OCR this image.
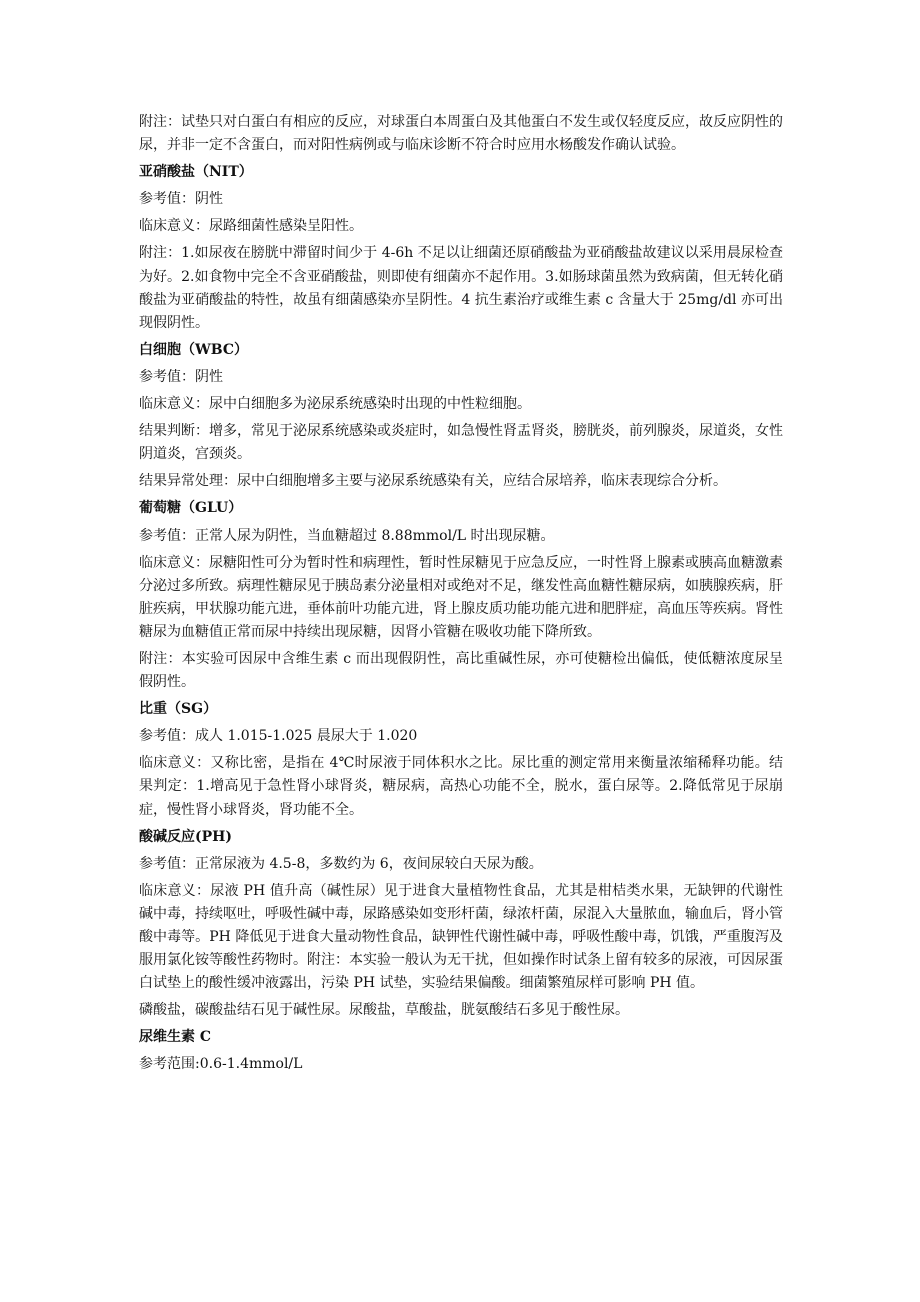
附注：试垫只对白蛋白有相应的反应，对球蛋白本周蛋白及其他蛋白不发生或仅轻度反应，故反应阴性的尿，并非一定不含蛋白，而对阳性病例或与临床诊断不符合时应用水杨酸发作确认试验。

亚硝酸盐（NIT）

参考值：阴性

临床意义：尿路细菌性感染呈阳性。

附注：1.如尿夜在膀胱中滞留时间少于 4-6h 不足以让细菌还原硝酸盐为亚硝酸盐故建议以采用晨尿检查为好。2.如食物中完全不含亚硝酸盐，则即使有细菌亦不起作用。3.如肠球菌虽然为致病菌，但无转化硝酸盐为亚硝酸盐的特性，故虽有细菌感染亦呈阴性。4 抗生素治疗或维生素 c 含量大于 25mg/dl 亦可出现假阴性。

白细胞（WBC）

参考值：阴性

临床意义：尿中白细胞多为泌尿系统感染时出现的中性粒细胞。

结果判断：增多，常见于泌尿系统感染或炎症时，如急慢性肾盂肾炎，膀胱炎，前列腺炎，尿道炎，女性阴道炎，宫颈炎。

结果异常处理：尿中白细胞增多主要与泌尿系统感染有关，应结合尿培养，临床表现综合分析。

葡萄糖（GLU）

参考值：正常人尿为阴性，当血糖超过 8.88mmol/L 时出现尿糖。

临床意义：尿糖阳性可分为暂时性和病理性，暂时性尿糖见于应急反应，一时性肾上腺素或胰高血糖激素分泌过多所致。病理性糖尿见于胰岛素分泌量相对或绝对不足，继发性高血糖性糖尿病，如胰腺疾病，肝脏疾病，甲状腺功能亢进，垂体前叶功能亢进，肾上腺皮质功能功能亢进和肥胖症，高血压等疾病。肾性糖尿为血糖值正常而尿中持续出现尿糖，因肾小管糖在吸收功能下降所致。

附注：本实验可因尿中含维生素 c 而出现假阴性，高比重碱性尿，亦可使糖检出偏低，使低糖浓度尿呈假阴性。

比重（SG）

参考值：成人 1.015-1.025 晨尿大于 1.020

临床意义：又称比密，是指在 4℃时尿液于同体积水之比。尿比重的测定常用来衡量浓缩稀释功能。结果判定：1.增高见于急性肾小球肾炎，糖尿病，高热心功能不全，脱水，蛋白尿等。2.降低常见于尿崩症，慢性肾小球肾炎，肾功能不全。

酸碱反应(PH)

参考值：正常尿液为 4.5-8，多数约为 6，夜间尿较白天尿为酸。

临床意义：尿液 PH 值升高（碱性尿）见于进食大量植物性食品，尤其是柑桔类水果，无缺钾的代谢性碱中毒，持续呕吐，呼吸性碱中毒，尿路感染如变形杆菌，绿浓杆菌，尿混入大量脓血，输血后，肾小管酸中毒等。PH 降低见于进食大量动物性食品，缺钾性代谢性碱中毒，呼吸性酸中毒，饥饿，严重腹泻及服用氯化铵等酸性药物时。附注：本实验一般认为无干扰，但如操作时试条上留有较多的尿液，可因尿蛋白试垫上的酸性缓冲液露出，污染 PH 试垫，实验结果偏酸。细菌繁殖尿样可影响 PH 值。

磷酸盐，碳酸盐结石见于碱性尿。尿酸盐，草酸盐，胱氨酸结石多见于酸性尿。

尿维生素 C

参考范围:0.6-1.4mmol/L
